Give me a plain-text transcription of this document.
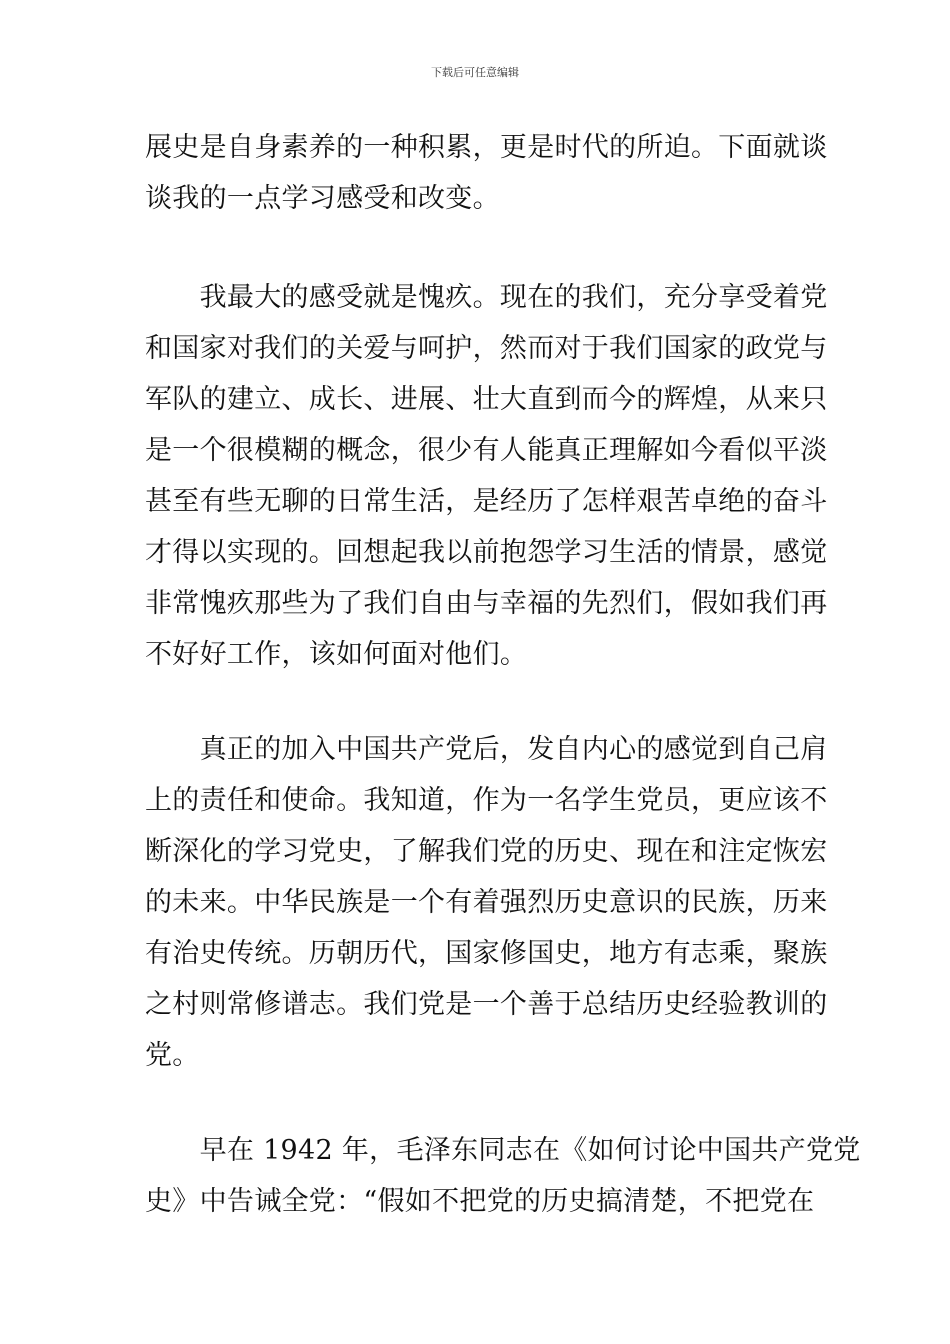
下载后可任意编辑
展史是自身素养的一种积累，更是时代的所迫。下面就谈
谈我的一点学习感受和改变。
　　我最大的感受就是愧疚。现在的我们，充分享受着党
和国家对我们的关爱与呵护，然而对于我们国家的政党与
军队的建立、成长、进展、壮大直到而今的辉煌，从来只
是一个很模糊的概念，很少有人能真正理解如今看似平淡
甚至有些无聊的日常生活，是经历了怎样艰苦卓绝的奋斗
才得以实现的。回想起我以前抱怨学习生活的情景，感觉
非常愧疚那些为了我们自由与幸福的先烈们，假如我们再
不好好工作，该如何面对他们。
　　真正的加入中国共产党后，发自内心的感觉到自己肩
上的责任和使命。我知道，作为一名学生党员，更应该不
断深化的学习党史，了解我们党的历史、现在和注定恢宏
的未来。中华民族是一个有着强烈历史意识的民族，历来
有治史传统。历朝历代，国家修国史，地方有志乘，聚族
之村则常修谱志。我们党是一个善于总结历史经验教训的
党。
　　早在 1942 年，毛泽东同志在《如何讨论中国共产党党
史》中告诫全党：“假如不把党的历史搞清楚，不把党在
